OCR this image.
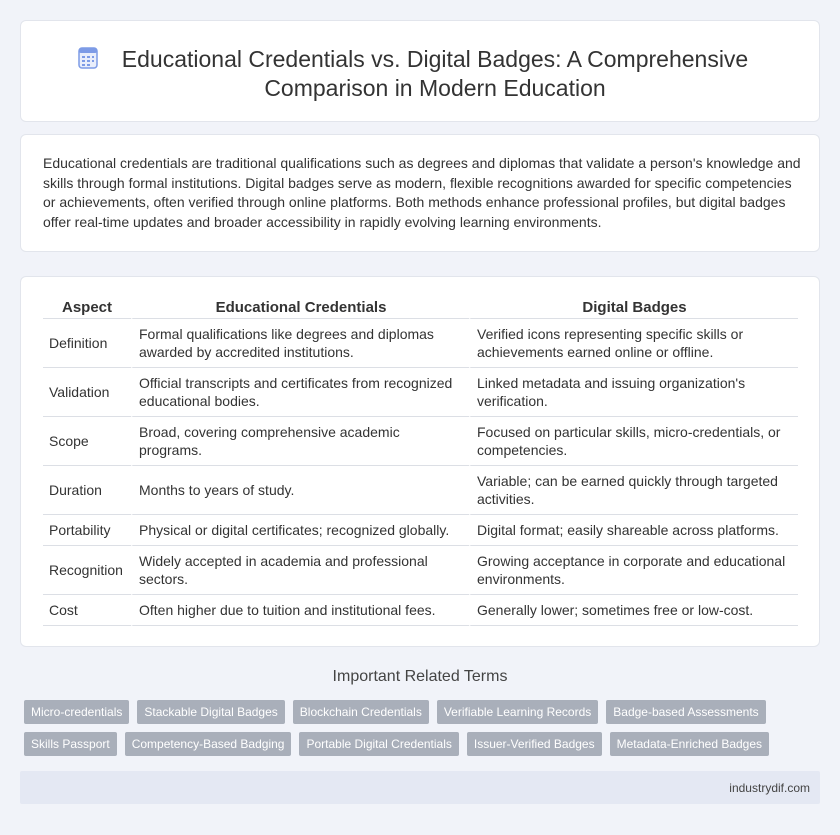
Educational Credentials vs. Digital Badges: A Comprehensive Comparison in Modern Education

Educational credentials are traditional qualifications such as degrees and diplomas that validate a person's knowledge and skills through formal institutions. Digital badges serve as modern, flexible recognitions awarded for specific competencies or achievements, often verified through online platforms. Both methods enhance professional profiles, but digital badges offer real-time updates and broader accessibility in rapidly evolving learning environments.

Aspect	Educational Credentials	Digital Badges
Definition	Formal qualifications like degrees and diplomas awarded by accredited institutions.	Verified icons representing specific skills or achievements earned online or offline.
Validation	Official transcripts and certificates from recognized educational bodies.	Linked metadata and issuing organization's verification.
Scope	Broad, covering comprehensive academic programs.	Focused on particular skills, micro-credentials, or competencies.
Duration	Months to years of study.	Variable; can be earned quickly through targeted activities.
Portability	Physical or digital certificates; recognized globally.	Digital format; easily shareable across platforms.
Recognition	Widely accepted in academia and professional sectors.	Growing acceptance in corporate and educational environments.
Cost	Often higher due to tuition and institutional fees.	Generally lower; sometimes free or low-cost.
Important Related Terms
Micro-credentials	Stackable Digital Badges	Blockchain Credentials	Verifiable Learning Records	Badge-based Assessments
Skills Passport	Competency-Based Badging	Portable Digital Credentials	Issuer-Verified Badges	Metadata-Enriched Badges
industrydif.com
